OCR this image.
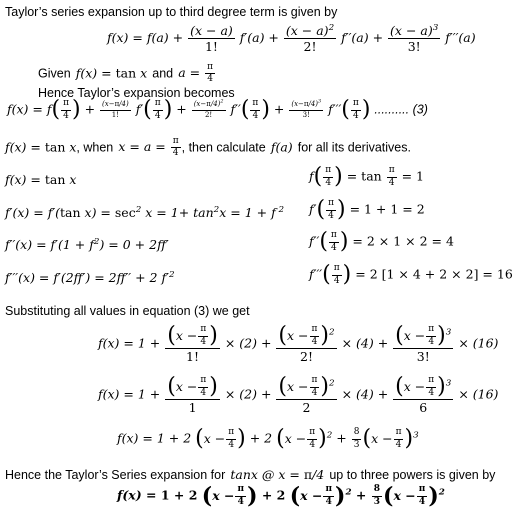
Taylor’s series expansion up to third degree term is given by
$f(x) = f(a) + \frac{(x - a)}{1!} f'(a) + \frac{(x - a)^2}{2!} f''(a) + \frac{(x - a)^3}{3!} f'''(a)$
Given f(x) = tan x and $a = \frac{\pi}{4}$
Hence Taylor’s expansion becomes
f(x) = f ( π
4 ) + $\frac{(x-\pi/4)}{1!} f'$ ( π
4 ) + $\frac{(x-\pi/4)^2}{2!} f''$ ( π
4 ) + $\frac{(x-\pi/4)^3}{3!} f'''$ ( π
4 ) .......... (3)
f(x) = tan x, when $x = a = \frac{\pi}{4}$ , then calculate f(a) for all its derivatives.
f(x) = tan x
f′(x) = f′(tan $x) = \sec^2 x = 1+ \tan^2x = 1 + f$ $^2$
$f''(x) = f'(1 + f^2) = 0 + 2ff'$
f′′′(x) = f′(2ff′) = 2ff′′ + 2 $f'^2$
f ( π
4 ) = $\tan \frac{\pi}{4} = 1$
f′ ( π
4 ) = 1 + 1 = 2
f′′ ( π
4 ) = 2 × 1 × 2 = 4
f′′′ ( π
4 ) = 2 [1 × 4 + 2 × 2] = 16
Substituting all values in equation (3) we get
f(x) = 1 + ( x − π
4 )
1! × (2) + ( x − π
4 ) $^2$
2! × (4) + ( x − π
4 ) $^3$
3! × (16)
f(x) = 1 + ( x − π
4 )
1 × (2) + ( x − π
4 ) $^2$
2 × (4) + ( x − π
4 ) $^3$
6 × (16)
f(x) = 1 + 2 ( x − π
4 ) + 2 ( x − π
4 ) $^2 + \frac{8}{3}$ ( x − π
4 ) $^3$
Hence the Taylor’s Series expansion for tanx @ x = π/4 up to three powers is given by
f(x) = 1 + 2 ( x − π
4 ) + 2 ( x − π
4 ) $^2 + \frac{8}{3}$ ( x − π
4 ) $^2$
